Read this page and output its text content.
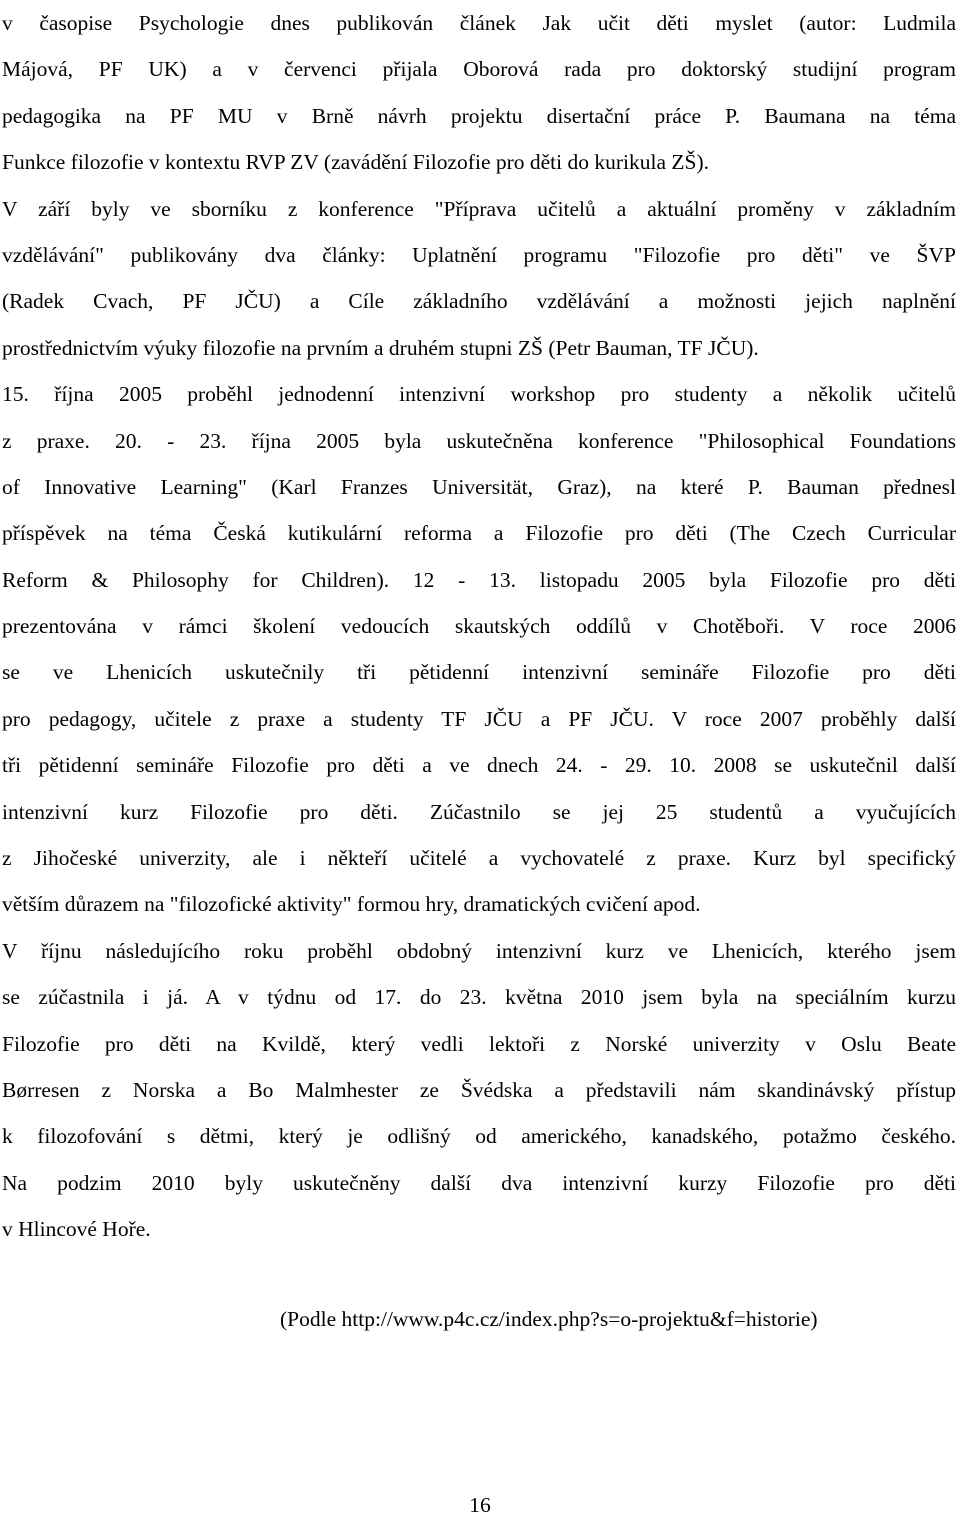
v časopise Psychologie dnes publikován článek Jak učit děti myslet (autor: Ludmila
Májová, PF UK) a v červenci přijala Oborová rada pro doktorský studijní program
pedagogika na PF MU v Brně návrh projektu disertační práce P. Baumana na téma
Funkce filozofie v kontextu RVP ZV (zavádění Filozofie pro děti do kurikula ZŠ).
V září byly ve sborníku z konference "Příprava učitelů a aktuální proměny v základním
vzdělávání" publikovány dva články: Uplatnění programu "Filozofie pro děti" ve ŠVP
(Radek Cvach, PF JČU) a Cíle základního vzdělávání a možnosti jejich naplnění
prostřednictvím výuky filozofie na prvním a druhém stupni ZŠ (Petr Bauman, TF JČU).
15. října 2005 proběhl jednodenní intenzivní workshop pro studenty a několik učitelů
z praxe. 20. - 23. října 2005 byla uskutečněna konference "Philosophical Foundations
of Innovative Learning" (Karl Franzes Universität, Graz), na které P. Bauman přednesl
příspěvek na téma Česká kutikulární reforma a Filozofie pro děti (The Czech Curricular
Reform & Philosophy for Children). 12 - 13. listopadu 2005 byla Filozofie pro děti
prezentována v rámci školení vedoucích skautských oddílů v Chotěboři. V roce 2006
se ve Lhenicích uskutečnily tři pětidenní intenzivní semináře Filozofie pro děti
pro pedagogy, učitele z praxe a studenty TF JČU a PF JČU. V roce 2007 proběhly další
tři pětidenní semináře Filozofie pro děti a ve dnech 24. - 29. 10. 2008 se uskutečnil další
intenzivní kurz Filozofie pro děti. Zúčastnilo se jej 25 studentů a vyučujících
z Jihočeské univerzity, ale i někteří učitelé a vychovatelé z praxe. Kurz byl specifický
větším důrazem na "filozofické aktivity" formou hry, dramatických cvičení apod.
V říjnu následujícího roku proběhl obdobný intenzivní kurz ve Lhenicích, kterého jsem
se zúčastnila i já. A v týdnu od 17. do 23. května 2010 jsem byla na speciálním kurzu
Filozofie pro děti na Kvildě, který vedli lektoři z Norské univerzity v Oslu Beate
Børresen z Norska a Bo Malmhester ze Švédska a představili nám skandinávský přístup
k filozofování s dětmi, který je odlišný od amerického, kanadského, potažmo českého.
Na podzim 2010 byly uskutečněny další dva intenzivní kurzy Filozofie pro děti
v Hlincové Hoře.
(Podle http://www.p4c.cz/index.php?s=o-projektu&f=historie)
16
